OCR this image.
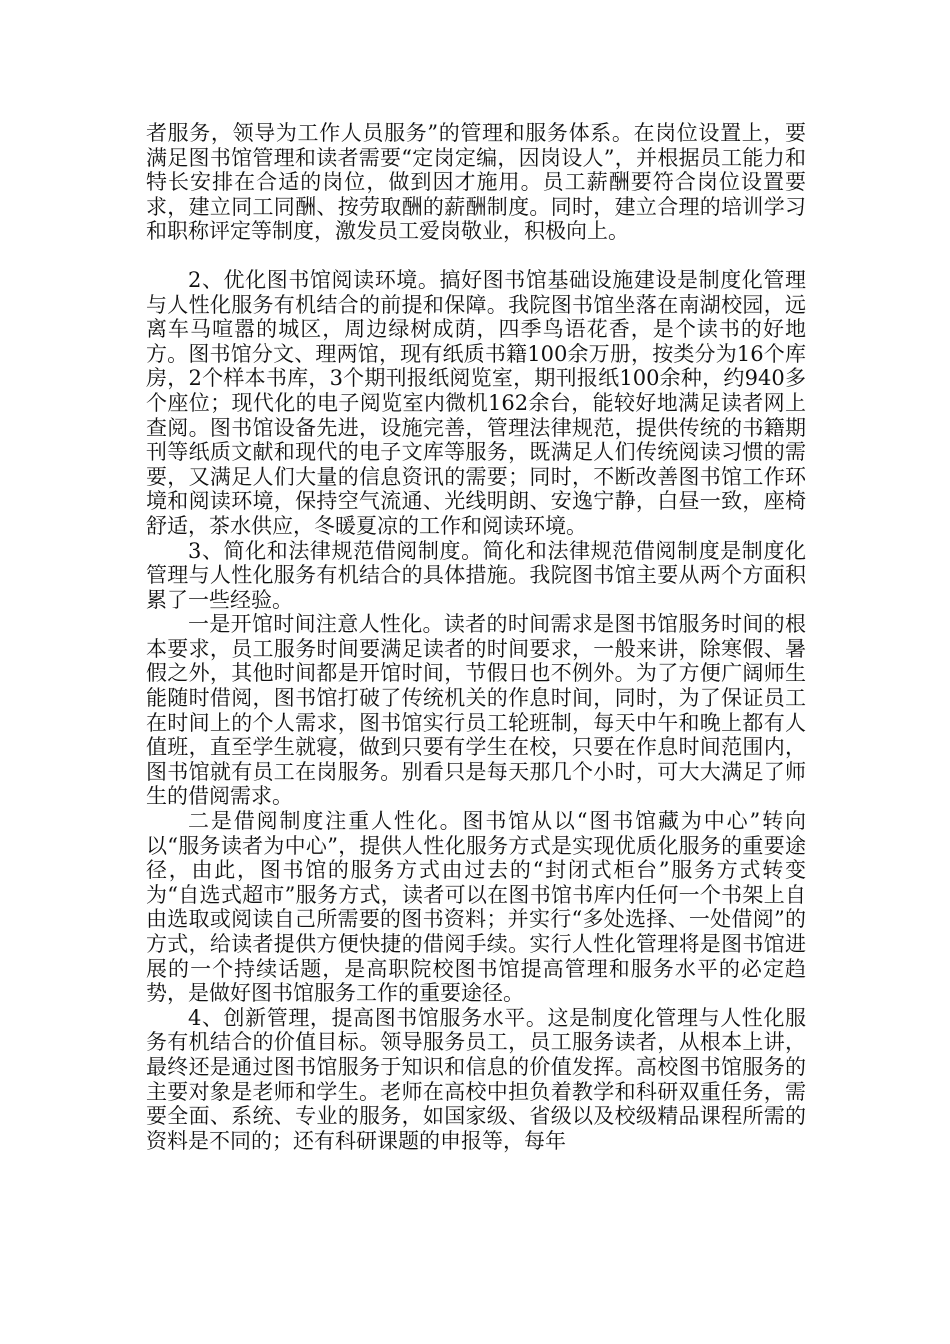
者服务，领导为工作人员服务”的管理和服务体系。在岗位设置上，要满足图书馆管理和读者需要“定岗定编，因岗设人”，并根据员工能力和特长安排在合适的岗位，做到因才施用。员工薪酬要符合岗位设置要求，建立同工同酬、按劳取酬的薪酬制度。同时，建立合理的培训学习和职称评定等制度，激发员工爱岗敬业，积极向上。

2、优化图书馆阅读环境。搞好图书馆基础设施建设是制度化管理与人性化服务有机结合的前提和保障。我院图书馆坐落在南湖校园，远离车马喧嚣的城区，周边绿树成荫，四季鸟语花香，是个读书的好地方。图书馆分文、理两馆，现有纸质书籍100余万册，按类分为16个库房，2个样本书库，3个期刊报纸阅览室，期刊报纸100余种，约940多个座位；现代化的电子阅览室内微机162余台，能较好地满足读者网上查阅。图书馆设备先进，设施完善，管理法律规范，提供传统的书籍期刊等纸质文献和现代的电子文库等服务，既满足人们传统阅读习惯的需要，又满足人们大量的信息资讯的需要；同时，不断改善图书馆工作环境和阅读环境，保持空气流通、光线明朗、安逸宁静，白昼一致，座椅舒适，茶水供应，冬暖夏凉的工作和阅读环境。

3、简化和法律规范借阅制度。简化和法律规范借阅制度是制度化管理与人性化服务有机结合的具体措施。我院图书馆主要从两个方面积累了一些经验。

一是开馆时间注意人性化。读者的时间需求是图书馆服务时间的根本要求，员工服务时间要满足读者的时间要求，一般来讲，除寒假、暑假之外，其他时间都是开馆时间，节假日也不例外。为了方便广阔师生能随时借阅，图书馆打破了传统机关的作息时间，同时，为了保证员工在时间上的个人需求，图书馆实行员工轮班制，每天中午和晚上都有人值班，直至学生就寝，做到只要有学生在校，只要在作息时间范围内，图书馆就有员工在岗服务。别看只是每天那几个小时，可大大满足了师生的借阅需求。

二是借阅制度注重人性化。图书馆从以“图书馆藏为中心”转向以“服务读者为中心”，提供人性化服务方式是实现优质化服务的重要途径，由此，图书馆的服务方式由过去的“封闭式柜台”服务方式转变为“自选式超市”服务方式，读者可以在图书馆书库内任何一个书架上自由选取或阅读自己所需要的图书资料；并实行“多处选择、一处借阅”的方式，给读者提供方便快捷的借阅手续。实行人性化管理将是图书馆进展的一个持续话题，是高职院校图书馆提高管理和服务水平的必定趋势，是做好图书馆服务工作的重要途径。

4、创新管理，提高图书馆服务水平。这是制度化管理与人性化服务有机结合的价值目标。领导服务员工，员工服务读者，从根本上讲，最终还是通过图书馆服务于知识和信息的价值发挥。高校图书馆服务的主要对象是老师和学生。老师在高校中担负着教学和科研双重任务，需要全面、系统、专业的服务，如国家级、省级以及校级精品课程所需的资料是不同的；还有科研课题的申报等，每年
